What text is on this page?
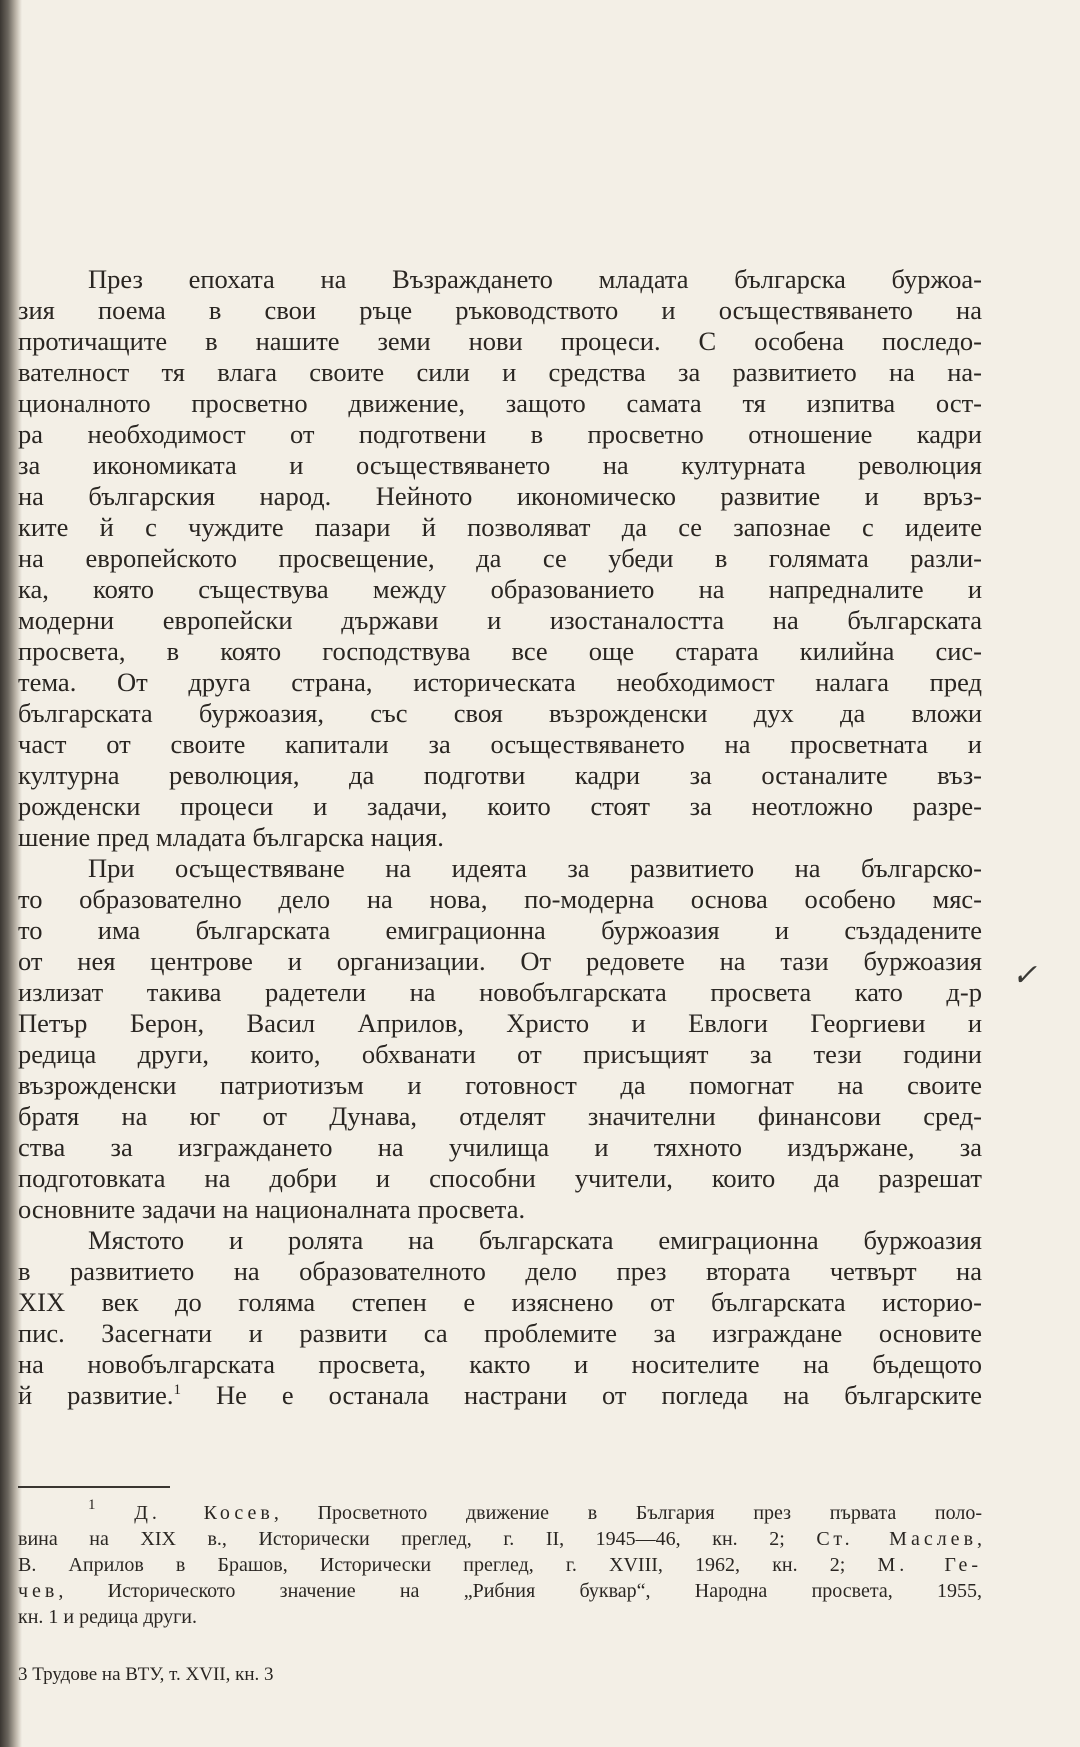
През епохата на Възраждането младата българска буржоа-
зия поема в свои ръце ръководството и осъществяването на
протичащите в нашите земи нови процеси. С особена последо-
вателност тя влага своите сили и средства за развитието на на-
ционалното просветно движение, защото самата тя изпитва ост-
ра необходимост от подготвени в просветно отношение кадри
за икономиката и осъществяването на културната революция
на българския народ. Нейното икономическо развитие и връз-
ките й с чуждите пазари й позволяват да се запознае с идеите
на европейското просвещение, да се убеди в голямата разли-
ка, която съществува между образованието на напредналите и
модерни европейски държави и изостаналостта на българската
просвета, в която господствува все още старата килийна сис-
тема. От друга страна, историческата необходимост налага пред
българската буржоазия, със своя възрожденски дух да вложи
част от своите капитали за осъществяването на просветната и
културна революция, да подготви кадри за останалите въз-
рожденски процеси и задачи, които стоят за неотложно разре-
шение пред младата българска нация.
При осъществяване на идеята за развитието на българско-
то образователно дело на нова, по-модерна основа особено мяс-
то има българската емиграционна буржоазия и създадените
от нея центрове и организации. От редовете на тази буржоазия
излизат такива радетели на новобългарската просвета като д-р
Петър Берон, Васил Априлов, Христо и Евлоги Георгиеви и
редица други, които, обхванати от присъщият за тези години
възрожденски патриотизъм и готовност да помогнат на своите
братя на юг от Дунава, отделят значителни финансови сред-
ства за изграждането на училища и тяхното издържане, за
подготовката на добри и способни учители, които да разрешат
основните задачи на националната просвета.
Мястото и ролята на българската емиграционна буржоазия
в развитието на образователното дело през втората четвърт на
XIX век до голяма степен е изяснено от българската историо-
пис. Засегнати и развити са проблемите за изграждане основите
на новобългарската просвета, както и носителите на бъдещото
й развитие.$^1$ Не е останала настрани от погледа на българските
✓
$^1$ Д. Косев, Просветното движение в България през първата поло-
вина на XIX в., Исторически преглед, г. II, 1945—46, кн. 2; Ст. Маслев,
В. Априлов в Брашов, Исторически преглед, г. XVIII, 1962, кн. 2; М. Ге-
чев, Историческото значение на „Рибния буквар“, Народна просвета, 1955,
кн. 1 и редица други.
3 Трудове на ВТУ, т. XVII, кн. 3
